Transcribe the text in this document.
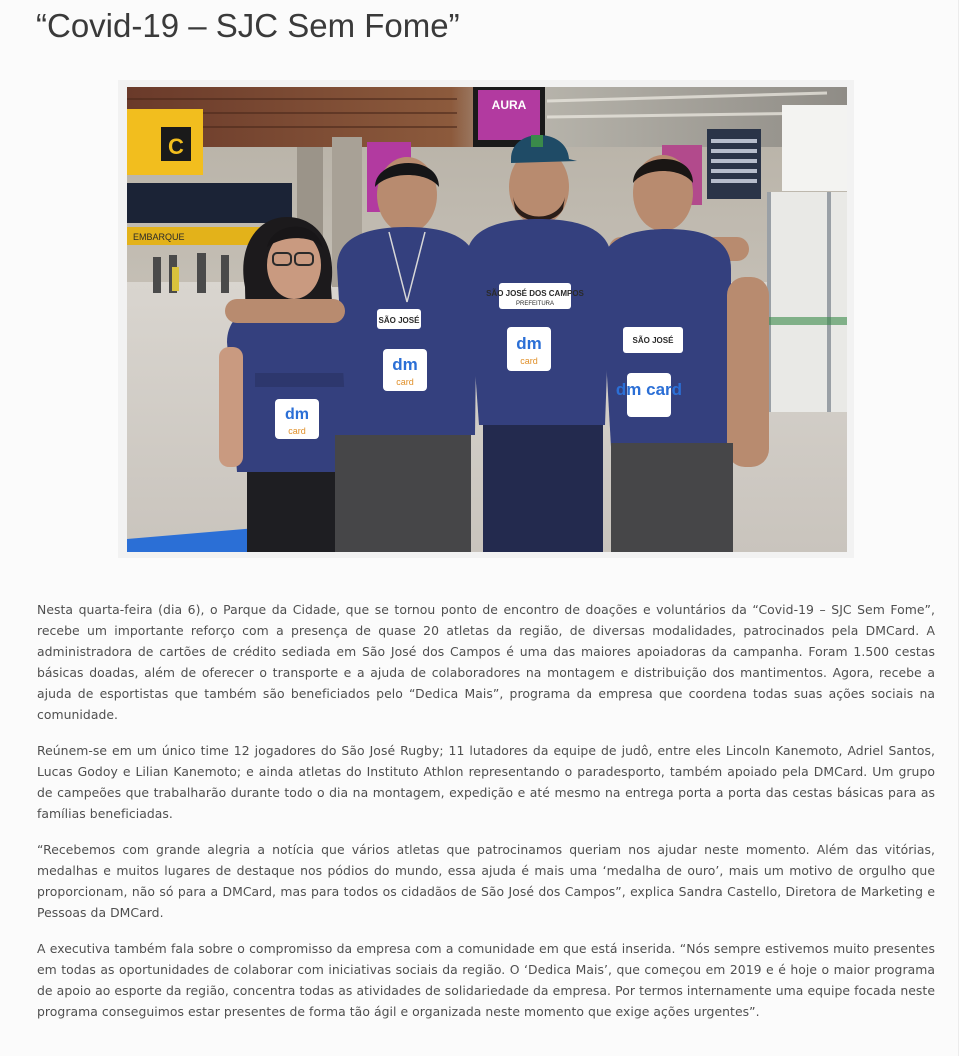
“Covid-19 – SJC Sem Fome”
C
EMBARQUE
AURA
dm
card
SÃO JOSÉ
dm
card
SÃO JOSÉ DOS CAMPOS
PREFEITURA
dm
card
SÃO JOSÉ
dm card

Nesta quarta-feira (dia 6), o Parque da Cidade, que se tornou ponto de encontro de doações e voluntários da “Covid-19 – SJC Sem Fome”, recebe um importante reforço com a presença de quase 20 atletas da região, de diversas modalidades, patrocinados pela DMCard. A administradora de cartões de crédito sediada em São José dos Campos é uma das maiores apoiadoras da campanha. Foram 1.500 cestas básicas doadas, além de oferecer o transporte e a ajuda de colaboradores na montagem e distribuição dos mantimentos. Agora, recebe a ajuda de esportistas que também são beneficiados pelo “Dedica Mais”, programa da empresa que coordena todas suas ações sociais na comunidade.

Reúnem-se em um único time 12 jogadores do São José Rugby; 11 lutadores da equipe de judô, entre eles Lincoln Kanemoto, Adriel Santos, Lucas Godoy e Lilian Kanemoto; e ainda atletas do Instituto Athlon representando o paradesporto, também apoiado pela DMCard. Um grupo de campeões que trabalharão durante todo o dia na montagem, expedição e até mesmo na entrega porta a porta das cestas básicas para as famílias beneficiadas.

“Recebemos com grande alegria a notícia que vários atletas que patrocinamos queriam nos ajudar neste momento. Além das vitórias, medalhas e muitos lugares de destaque nos pódios do mundo, essa ajuda é mais uma ‘medalha de ouro’, mais um motivo de orgulho que proporcionam, não só para a DMCard, mas para todos os cidadãos de São José dos Campos”, explica Sandra Castello, Diretora de Marketing e Pessoas da DMCard.

A executiva também fala sobre o compromisso da empresa com a comunidade em que está inserida. “Nós sempre estivemos muito presentes em todas as oportunidades de colaborar com iniciativas sociais da região. O ‘Dedica Mais’, que começou em 2019 e é hoje o maior programa de apoio ao esporte da região, concentra todas as atividades de solidariedade da empresa. Por termos internamente uma equipe focada neste programa conseguimos estar presentes de forma tão ágil e organizada neste momento que exige ações urgentes”.
